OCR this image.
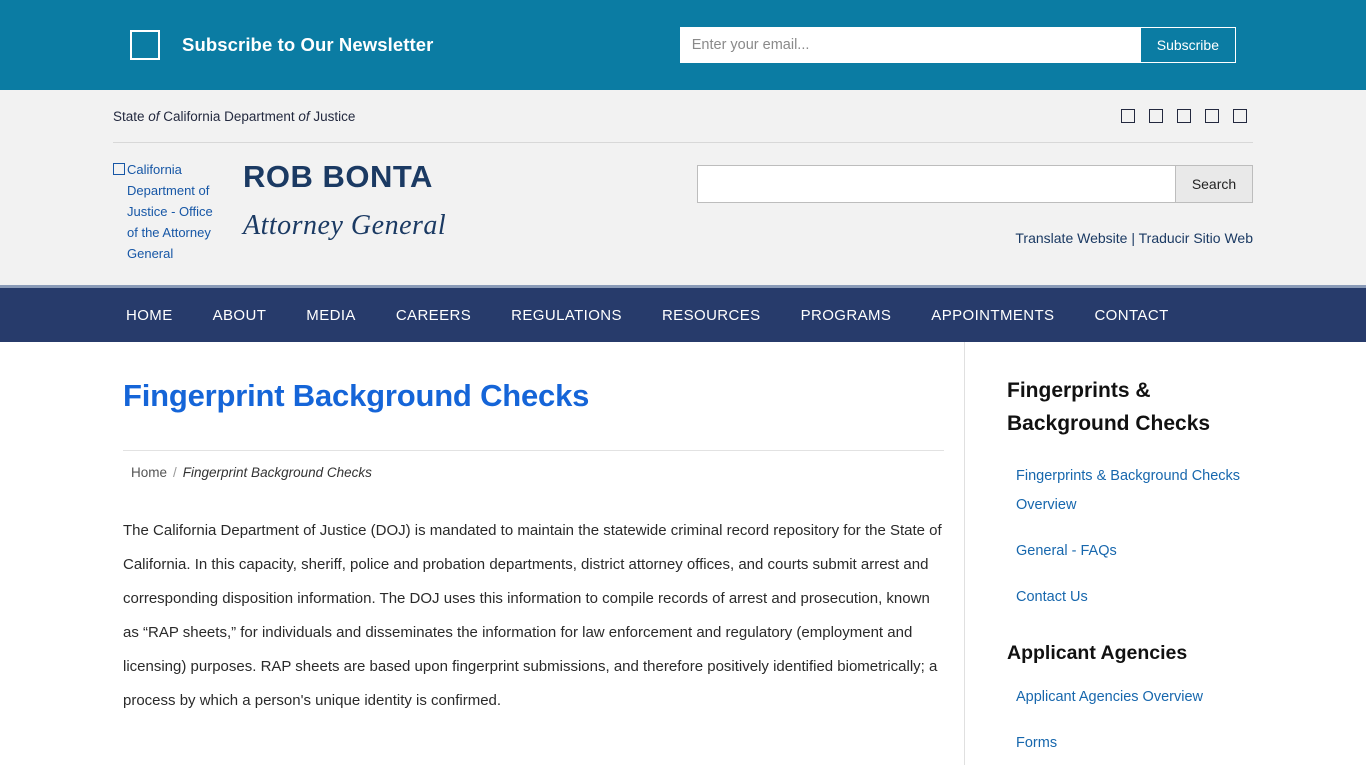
Subscribe to Our Newsletter
Enter your email...	Subscribe
State of California Department of Justice
California Department of Justice - Office of the Attorney General
ROB BONTA
Attorney General
Search
Translate Website | Traducir Sitio Web
HOME	ABOUT	MEDIA	CAREERS	REGULATIONS	RESOURCES	PROGRAMS	APPOINTMENTS	CONTACT
Fingerprint Background Checks
Home / Fingerprint Background Checks
The California Department of Justice (DOJ) is mandated to maintain the statewide criminal record repository for the State of California. In this capacity, sheriff, police and probation departments, district attorney offices, and courts submit arrest and corresponding disposition information. The DOJ uses this information to compile records of arrest and prosecution, known as “RAP sheets,” for individuals and disseminates the information for law enforcement and regulatory (employment and licensing) purposes. RAP sheets are based upon fingerprint submissions, and therefore positively identified biometrically; a process by which a person's unique identity is confirmed.
Fingerprints & Background Checks
Fingerprints & Background Checks Overview
General - FAQs
Contact Us
Applicant Agencies
Applicant Agencies Overview
Forms
